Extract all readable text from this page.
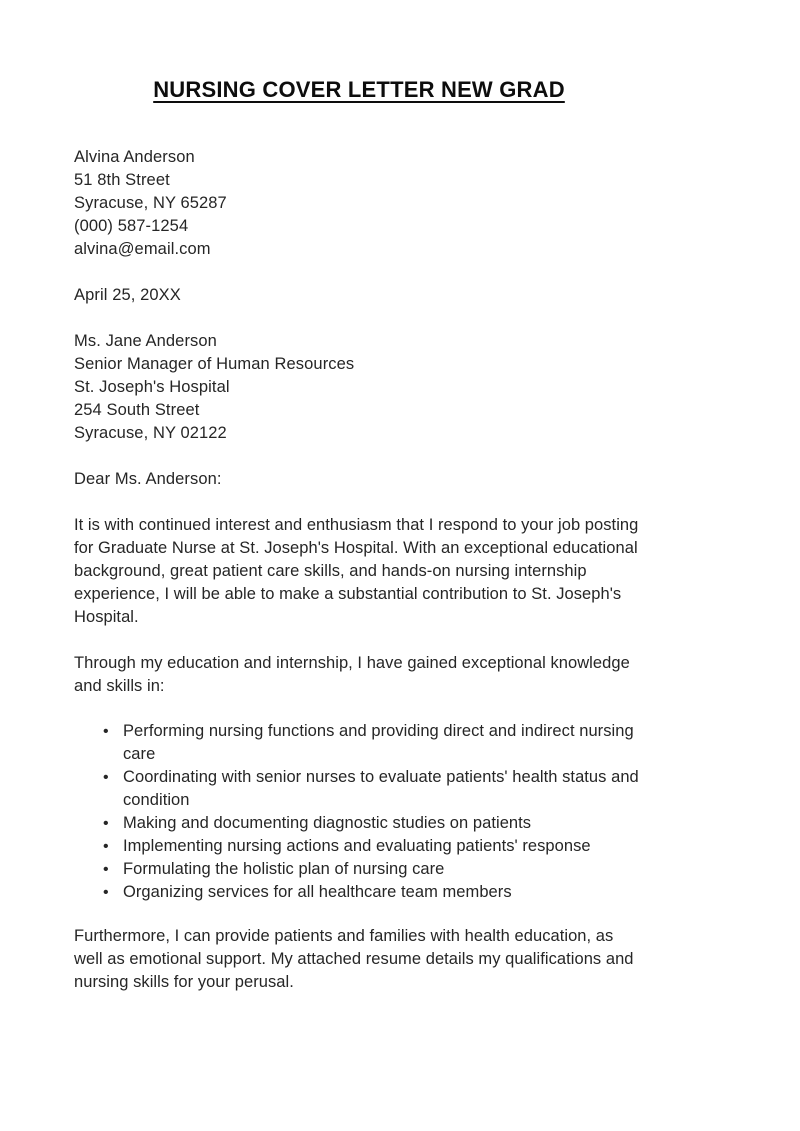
NURSING COVER LETTER NEW GRAD
Alvina Anderson
51 8th Street
Syracuse, NY 65287
(000) 587-1254
alvina@email.com
April 25, 20XX
Ms. Jane Anderson
Senior Manager of Human Resources
St. Joseph's Hospital
254 South Street
Syracuse, NY 02122
Dear Ms. Anderson:

It is with continued interest and enthusiasm that I respond to your job posting for Graduate Nurse at St. Joseph's Hospital. With an exceptional educational background, great patient care skills, and hands-on nursing internship experience, I will be able to make a substantial contribution to St. Joseph's Hospital.

Through my education and internship, I have gained exceptional knowledge and skills in:

• Performing nursing functions and providing direct and indirect nursing care
• Coordinating with senior nurses to evaluate patients' health status and condition
• Making and documenting diagnostic studies on patients
• Implementing nursing actions and evaluating patients' response
• Formulating the holistic plan of nursing care
• Organizing services for all healthcare team members

Furthermore, I can provide patients and families with health education, as well as emotional support. My attached resume details my qualifications and nursing skills for your perusal.
